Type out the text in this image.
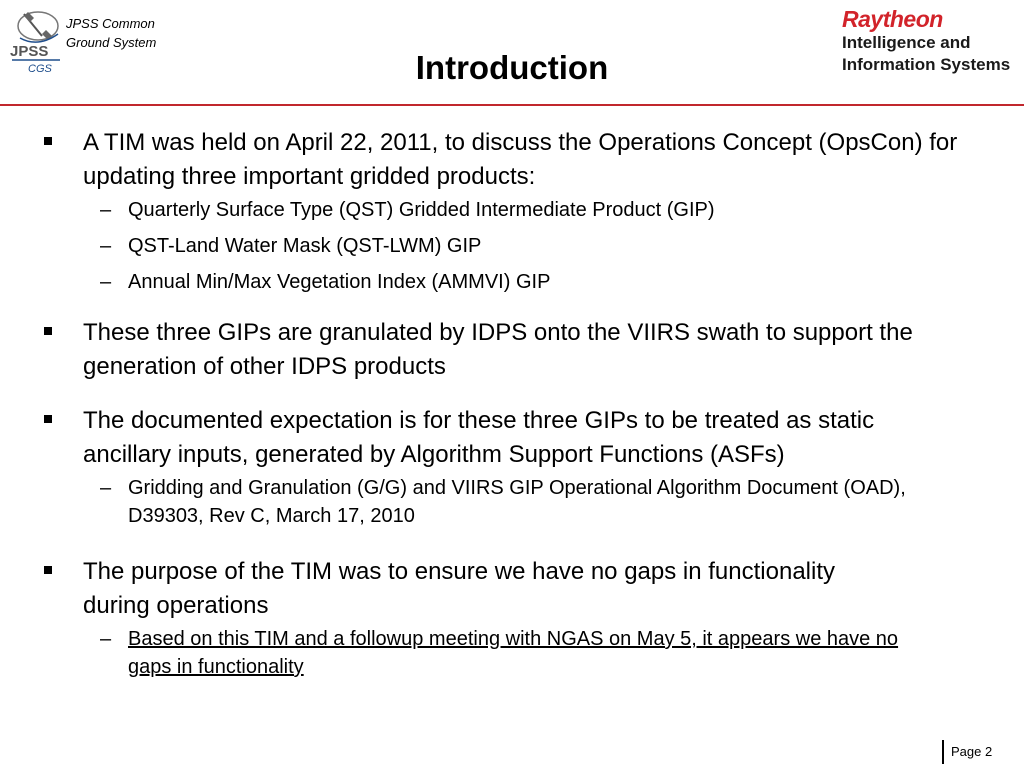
JPSS
CGS
JPSS Common
Ground System
Introduction
Raytheon
Intelligence and
Information Systems
A TIM was held on April 22, 2011, to discuss the Operations Concept (OpsCon) for updating three important gridded products:
– Quarterly Surface Type (QST) Gridded Intermediate Product (GIP)
– QST-Land Water Mask (QST-LWM) GIP
– Annual Min/Max Vegetation Index (AMMVI) GIP
These three GIPs are granulated by IDPS onto the VIIRS swath to support the generation of other IDPS products
The documented expectation is for these three GIPs to be treated as static ancillary inputs, generated by Algorithm Support Functions (ASFs)
– Gridding and Granulation (G/G) and VIIRS GIP Operational Algorithm Document (OAD), D39303, Rev C, March 17, 2010
The purpose of the TIM was to ensure we have no gaps in functionality during operations
– Based on this TIM and a followup meeting with NGAS on May 5, it appears we have no gaps in functionality
Page 2
